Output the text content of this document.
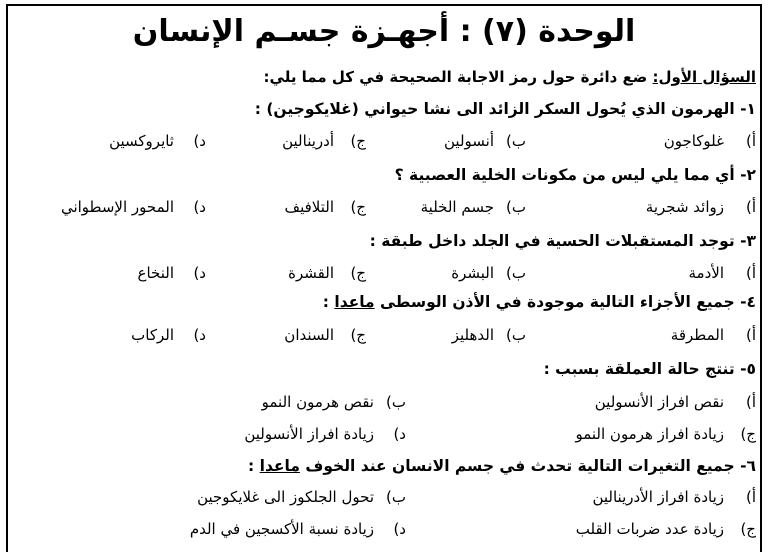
الوحدة (٧) : أجهـزة جسـم الإنسان
السؤال الأول: ضع دائرة حول رمز الاجابة الصحيحة في كل مما يلي:
١- الهرمون الذي يُحول السكر الزائد الى نشا حيواني (غلايكوجين) :
أ)
غلوكاجون
ب)
أنسولين
ج)
أدرينالين
د)
ثايروكسين
٢- أي مما يلي ليس من مكونات الخلية العصبية ؟
أ)
زوائد شجرية
ب)
جسم الخلية
ج)
التلافيف
د)
المحور الإسطواني
٣- توجد المستقبلات الحسية في الجلد داخل طبقة :
أ)
الأدمة
ب)
البشرة
ج)
القشرة
د)
النخاع
٤- جميع الأجزاء التالية موجودة في الأذن الوسطى ماعدا :
أ)
المطرقة
ب)
الدهليز
ج)
السندان
د)
الركاب
٥- تنتج حالة العملقة بسبب :
أ)
نقص افراز الأنسولين
ب)
نقص هرمون النمو
ج)
زيادة افراز هرمون النمو
د)
زيادة افراز الأنسولين
٦- جميع التغيرات التالية تحدث في جسم الانسان عند الخوف ماعدا :
أ)
زيادة افراز الأدرينالين
ب)
تحول الجلكوز الى غلايكوجين
ج)
زيادة عدد ضربات القلب
د)
زيادة نسبة الأكسجين في الدم
